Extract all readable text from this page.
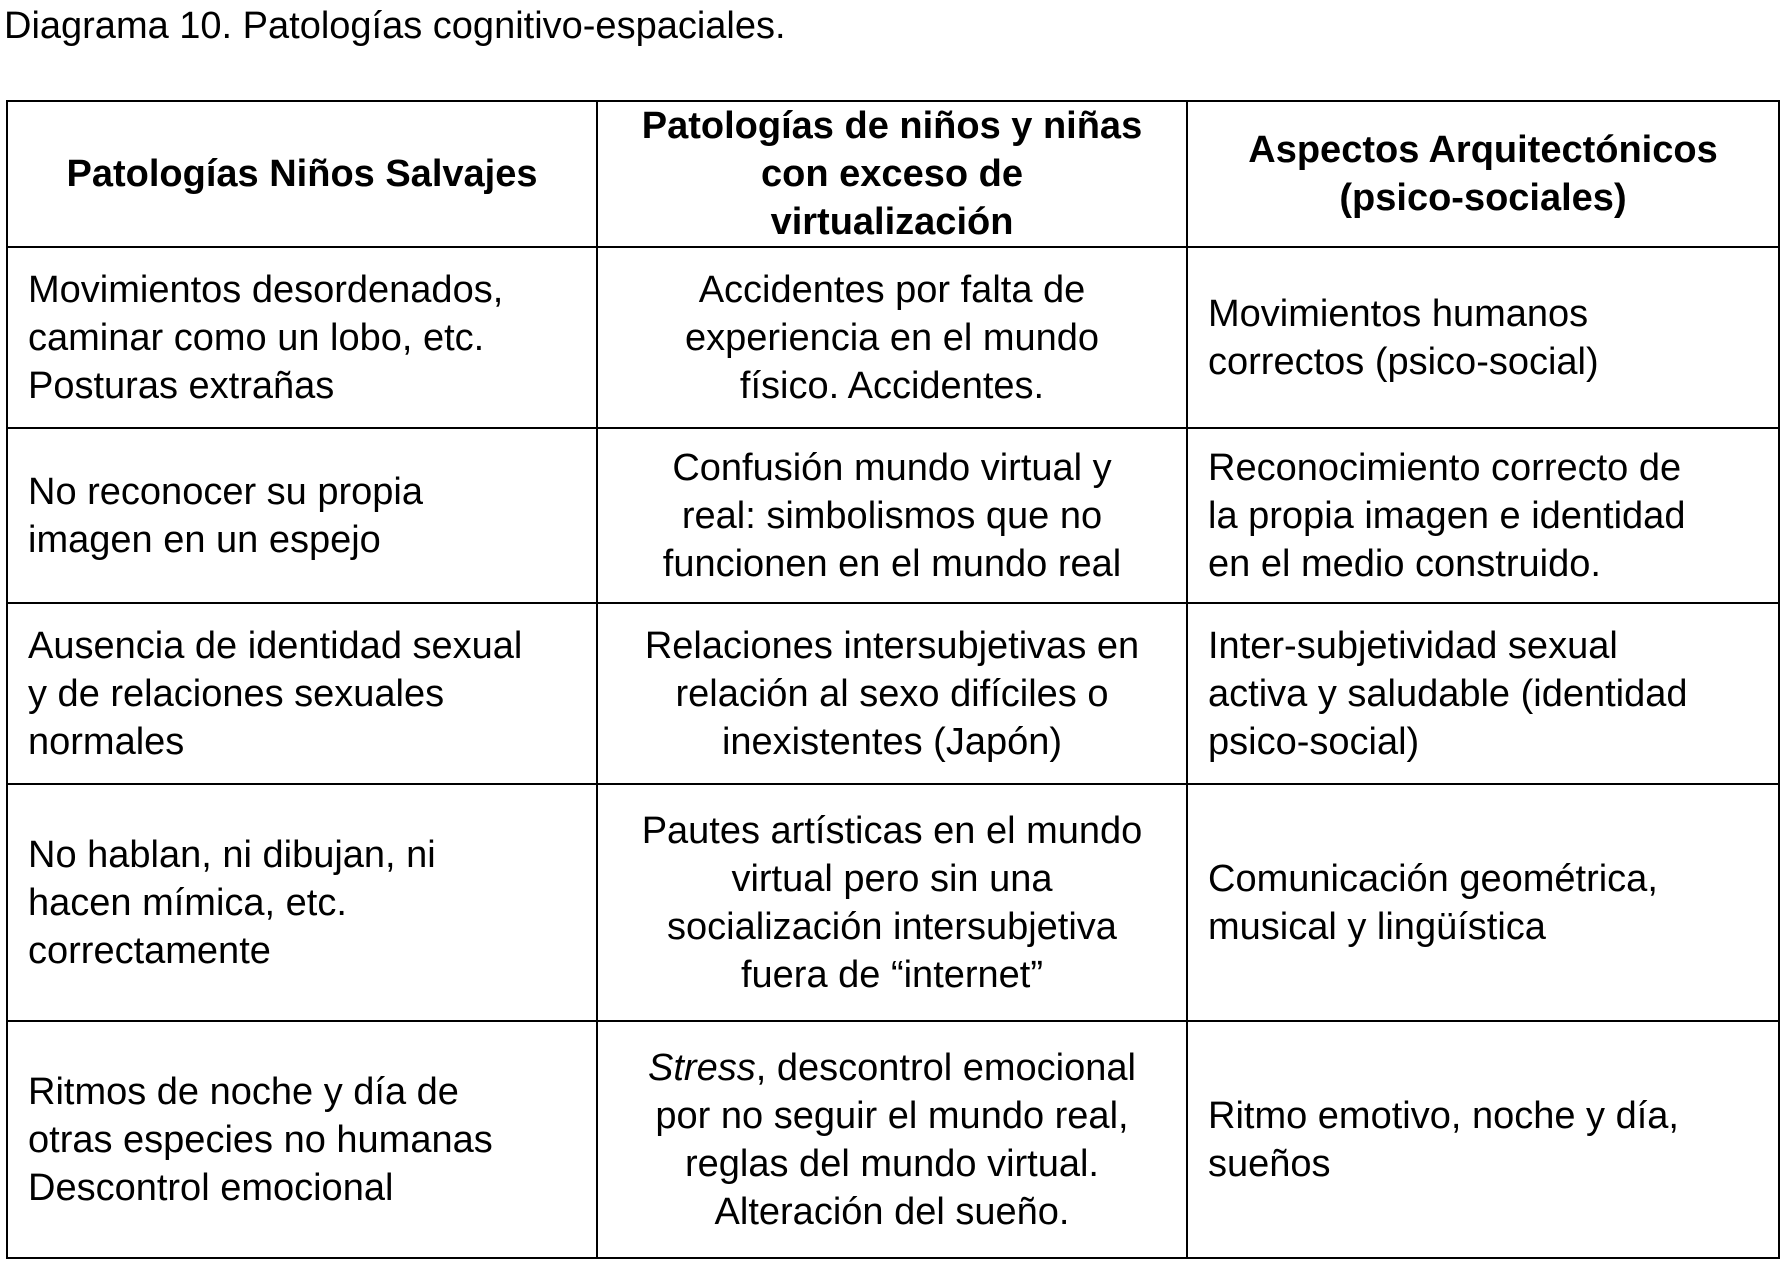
Diagrama 10. Patologías cognitivo-espaciales.
Patologías Niños Salvajes	Patologías de niños y niñas
con exceso de
virtualización	Aspectos Arquitectónicos
(psico-sociales)

Movimientos desordenados,
caminar como un lobo, etc.
Posturas extrañas	Accidentes por falta de
experiencia en el mundo
físico. Accidentes.	Movimientos humanos
correctos (psico-social)

No reconocer su propia
imagen en un espejo	Confusión mundo virtual y
real: simbolismos que no
funcionen en el mundo real	Reconocimiento correcto de
la propia imagen e identidad
en el medio construido.

Ausencia de identidad sexual
y de relaciones sexuales
normales	Relaciones intersubjetivas en
relación al sexo difíciles o
inexistentes (Japón)	Inter-subjetividad sexual
activa y saludable (identidad
psico-social)

No hablan, ni dibujan, ni
hacen mímica, etc.
correctamente	Pautes artísticas en el mundo
virtual pero sin una
socialización intersubjetiva
fuera de “internet”	Comunicación geométrica,
musical y lingüística

Ritmos de noche y día de
otras especies no humanas
Descontrol emocional	Stress, descontrol emocional
por no seguir el mundo real,
reglas del mundo virtual.
Alteración del sueño.	Ritmo emotivo, noche y día,
sueños
